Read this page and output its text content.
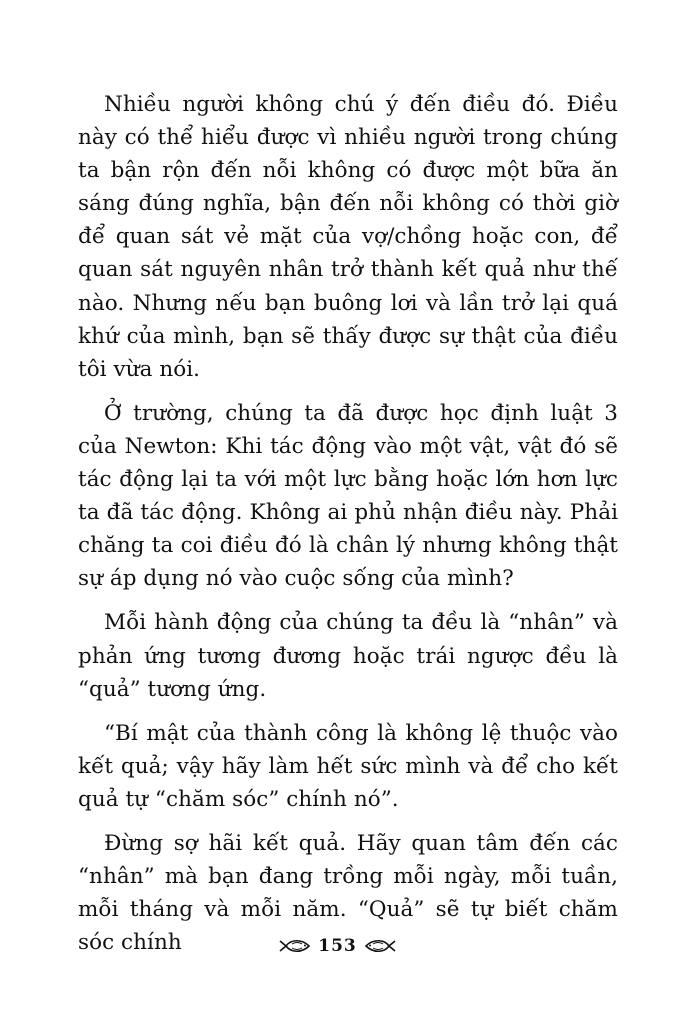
Nhiều người không chú ý đến điều đó. Điều này có thể hiểu được vì nhiều người trong chúng ta bận rộn đến nỗi không có được một bữa ăn sáng đúng nghĩa, bận đến nỗi không có thời giờ để quan sát vẻ mặt của vợ/chồng hoặc con, để quan sát nguyên nhân trở thành kết quả như thế nào. Nhưng nếu bạn buông lơi và lần trở lại quá khứ của mình, bạn sẽ thấy được sự thật của điều tôi vừa nói.

Ở trường, chúng ta đã được học định luật 3 của Newton: Khi tác động vào một vật, vật đó sẽ tác động lại ta với một lực bằng hoặc lớn hơn lực ta đã tác động. Không ai phủ nhận điều này. Phải chăng ta coi điều đó là chân lý nhưng không thật sự áp dụng nó vào cuộc sống của mình?

Mỗi hành động của chúng ta đều là “nhân” và phản ứng tương đương hoặc trái ngược đều là “quả” tương ứng.

“Bí mật của thành công là không lệ thuộc vào kết quả; vậy hãy làm hết sức mình và để cho kết quả tự “chăm sóc” chính nó”.

Đừng sợ hãi kết quả. Hãy quan tâm đến các “nhân” mà bạn đang trồng mỗi ngày, mỗi tuần, mỗi tháng và mỗi năm. “Quả” sẽ tự biết chăm sóc chính	153
